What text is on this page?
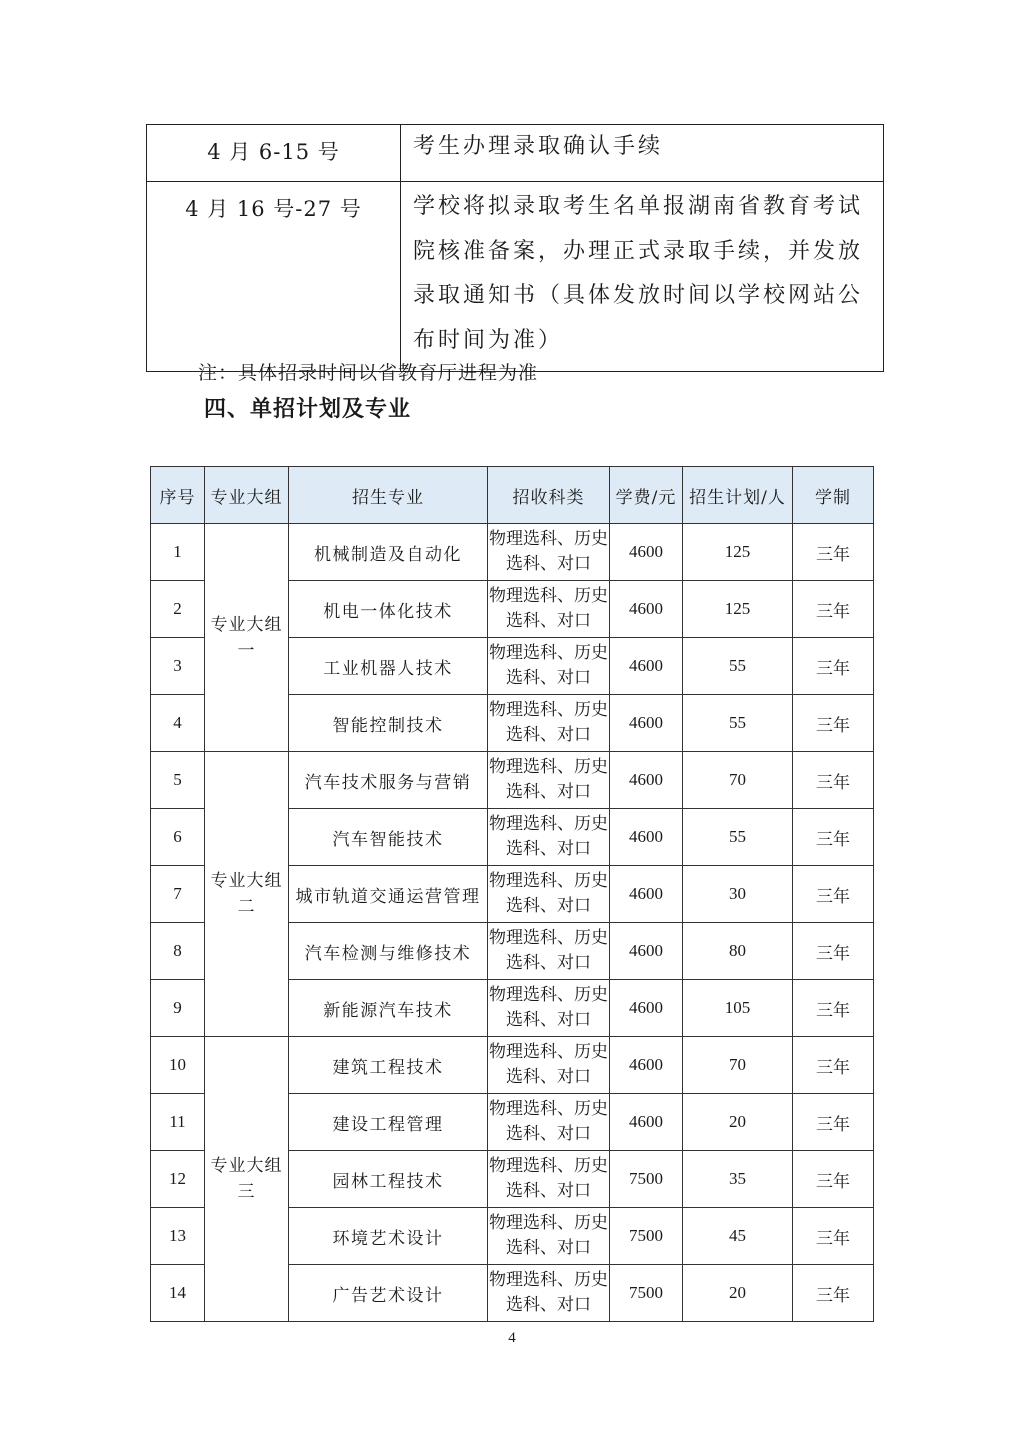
4 月 6-15 号	考生办理录取确认手续
4 月 16 号-27 号	学校将拟录取考生名单报湖南省教育考试院核准备案，办理正式录取手续，并发放录取通知书（具体发放时间以学校网站公布时间为准）
注：具体招录时间以省教育厅进程为准
四、单招计划及专业
序号	专业大组	招生专业	招收科类	学费/元	招生计划/人	学制
1	专业大组一	机械制造及自动化	物理选科、历史选科、对口	4600	125	三年
2		机电一体化技术	物理选科、历史选科、对口	4600	125	三年
3		工业机器人技术	物理选科、历史选科、对口	4600	55	三年
4		智能控制技术	物理选科、历史选科、对口	4600	55	三年
5	专业大组二	汽车技术服务与营销	物理选科、历史选科、对口	4600	70	三年
6		汽车智能技术	物理选科、历史选科、对口	4600	55	三年
7		城市轨道交通运营管理	物理选科、历史选科、对口	4600	30	三年
8		汽车检测与维修技术	物理选科、历史选科、对口	4600	80	三年
9		新能源汽车技术	物理选科、历史选科、对口	4600	105	三年
10	专业大组三	建筑工程技术	物理选科、历史选科、对口	4600	70	三年
11		建设工程管理	物理选科、历史选科、对口	4600	20	三年
12		园林工程技术	物理选科、历史选科、对口	7500	35	三年
13		环境艺术设计	物理选科、历史选科、对口	7500	45	三年
14		广告艺术设计	物理选科、历史选科、对口	7500	20	三年
4
